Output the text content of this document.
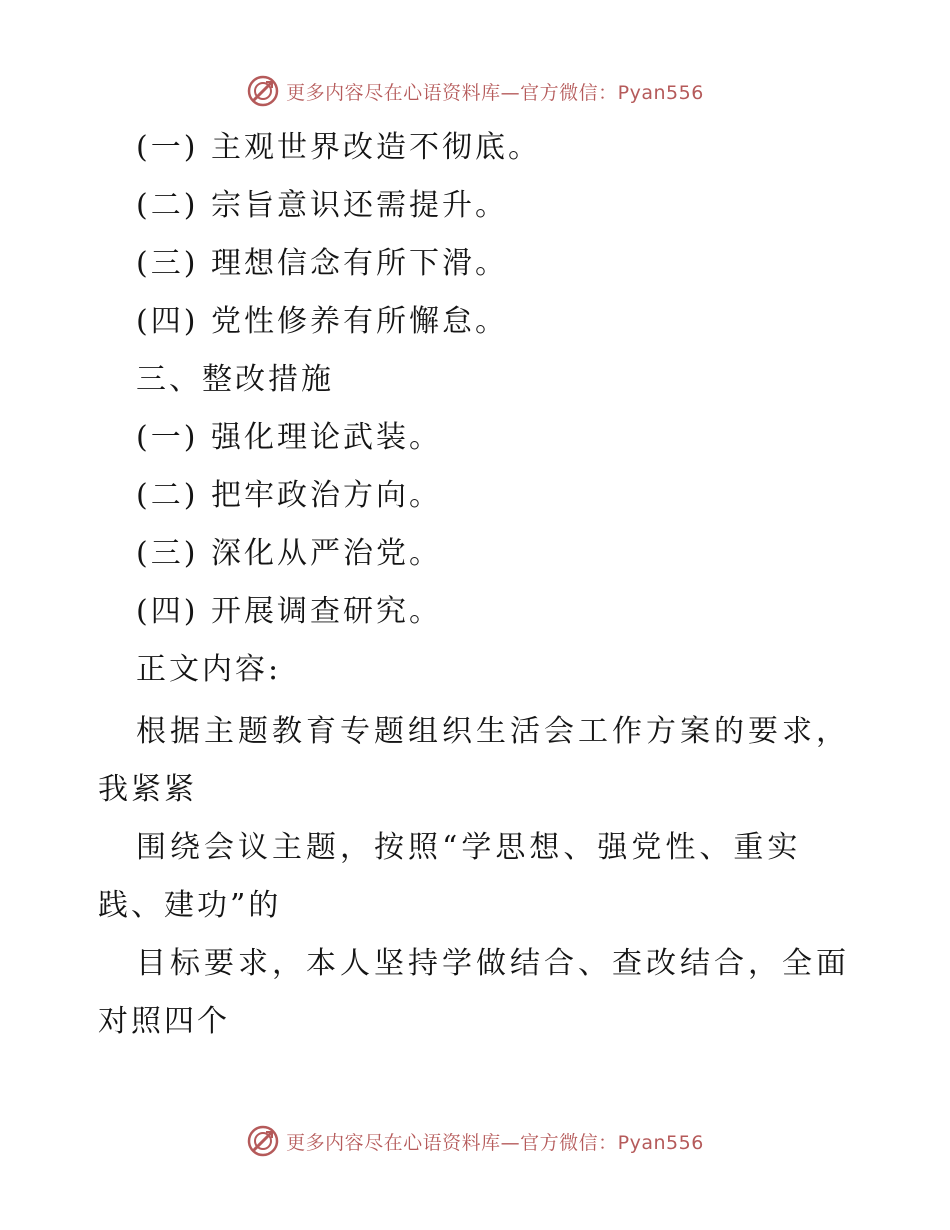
更多内容尽在心语资料库—官方微信：Pyan556
(一) 主观世界改造不彻底。
(二) 宗旨意识还需提升。
(三) 理想信念有所下滑。
(四) 党性修养有所懈怠。
三、整改措施
(一) 强化理论武装。
(二) 把牢政治方向。
(三) 深化从严治党。
(四) 开展调查研究。
正文内容:
根据主题教育专题组织生活会工作方案的要求，
我紧紧
围绕会议主题，按照“学思想、强党性、重实
践、建功”的
目标要求，本人坚持学做结合、查改结合，全面
对照四个
更多内容尽在心语资料库—官方微信：Pyan556
